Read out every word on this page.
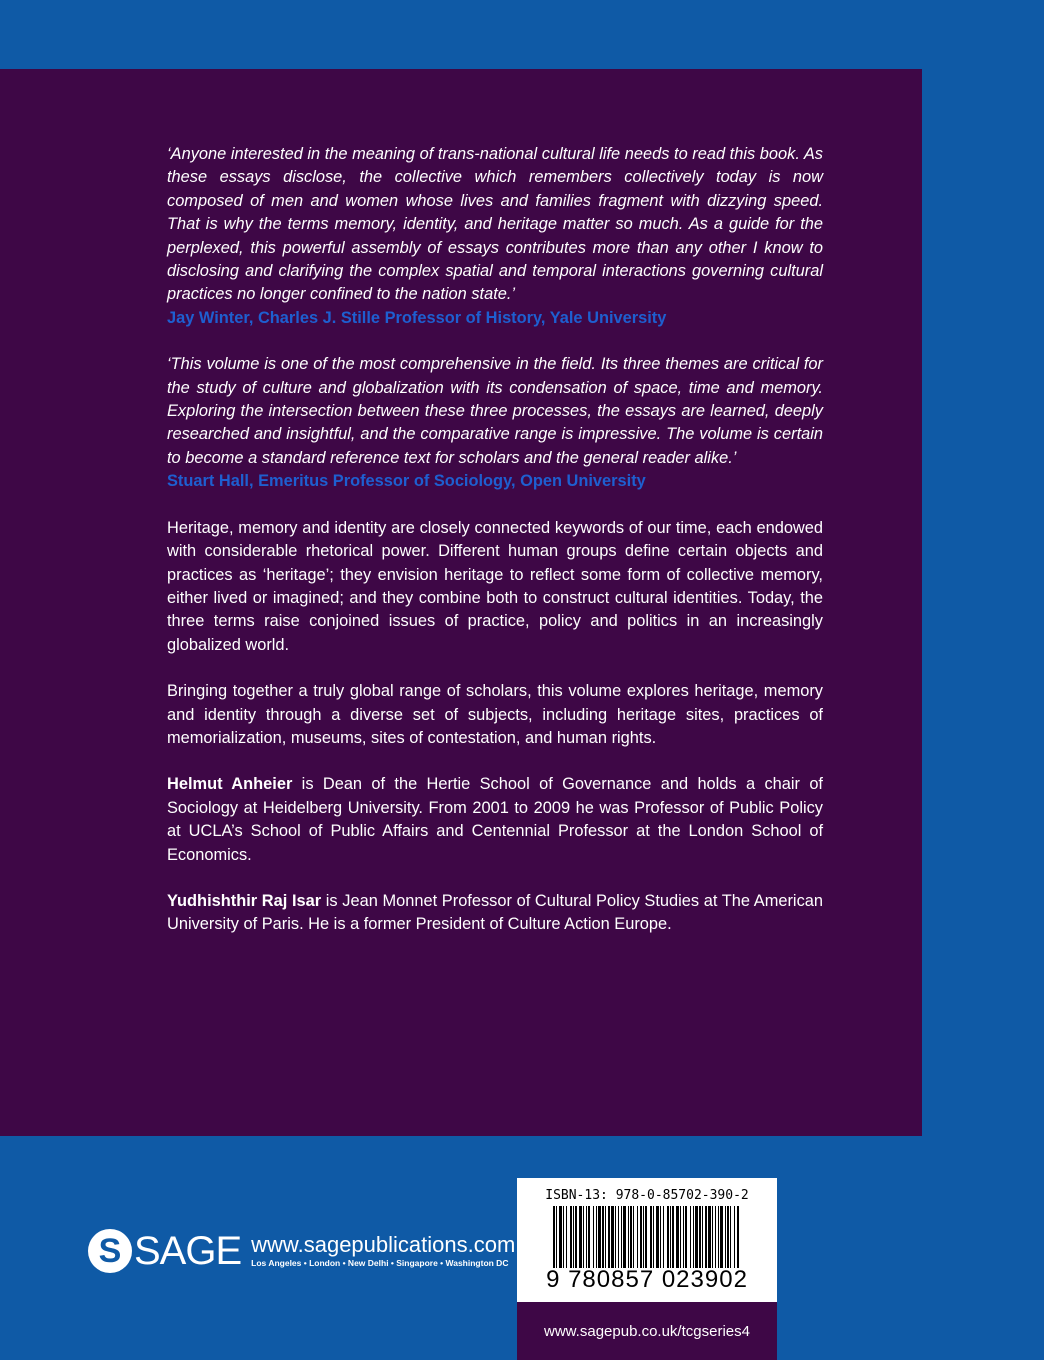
‘Anyone interested in the meaning of trans-national cultural life needs to read this book. As these essays disclose, the collective which remembers collectively today is now composed of men and women whose lives and families fragment with dizzying speed. That is why the terms memory, identity, and heritage matter so much. As a guide for the perplexed, this powerful assembly of essays contributes more than any other I know to disclosing and clarifying the complex spatial and temporal interactions governing cultural practices no longer confined to the nation state.’

Jay Winter, Charles J. Stille Professor of History, Yale University

‘This volume is one of the most comprehensive in the field. Its three themes are critical for the study of culture and globalization with its condensation of space, time and memory. Exploring the intersection between these three processes, the essays are learned, deeply researched and insightful, and the comparative range is impressive. The volume is certain to become a standard reference text for scholars and the general reader alike.’

Stuart Hall, Emeritus Professor of Sociology, Open University

Heritage, memory and identity are closely connected keywords of our time, each endowed with considerable rhetorical power. Different human groups define certain objects and practices as ‘heritage’; they envision heritage to reflect some form of collective memory, either lived or imagined; and they combine both to construct cultural identities. Today, the three terms raise conjoined issues of practice, policy and politics in an increasingly globalized world.

Bringing together a truly global range of scholars, this volume explores heritage, memory and identity through a diverse set of subjects, including heritage sites, practices of memorialization, museums, sites of contestation, and human rights.

Helmut Anheier is Dean of the Hertie School of Governance and holds a chair of Sociology at Heidelberg University. From 2001 to 2009 he was Professor of Public Policy at UCLA’s School of Public Affairs and Centennial Professor at the London School of Economics.

Yudhishthir Raj Isar is Jean Monnet Professor of Cultural Policy Studies at The American University of Paris. He is a former President of Culture Action Europe.

S SAGE www.sagepublications.com
Los Angeles • London • New Delhi • Singapore • Washington DC
ISBN-13: 978-0-85702-390-2
9 780857 023902
www.sagepub.co.uk/tcgseries4
